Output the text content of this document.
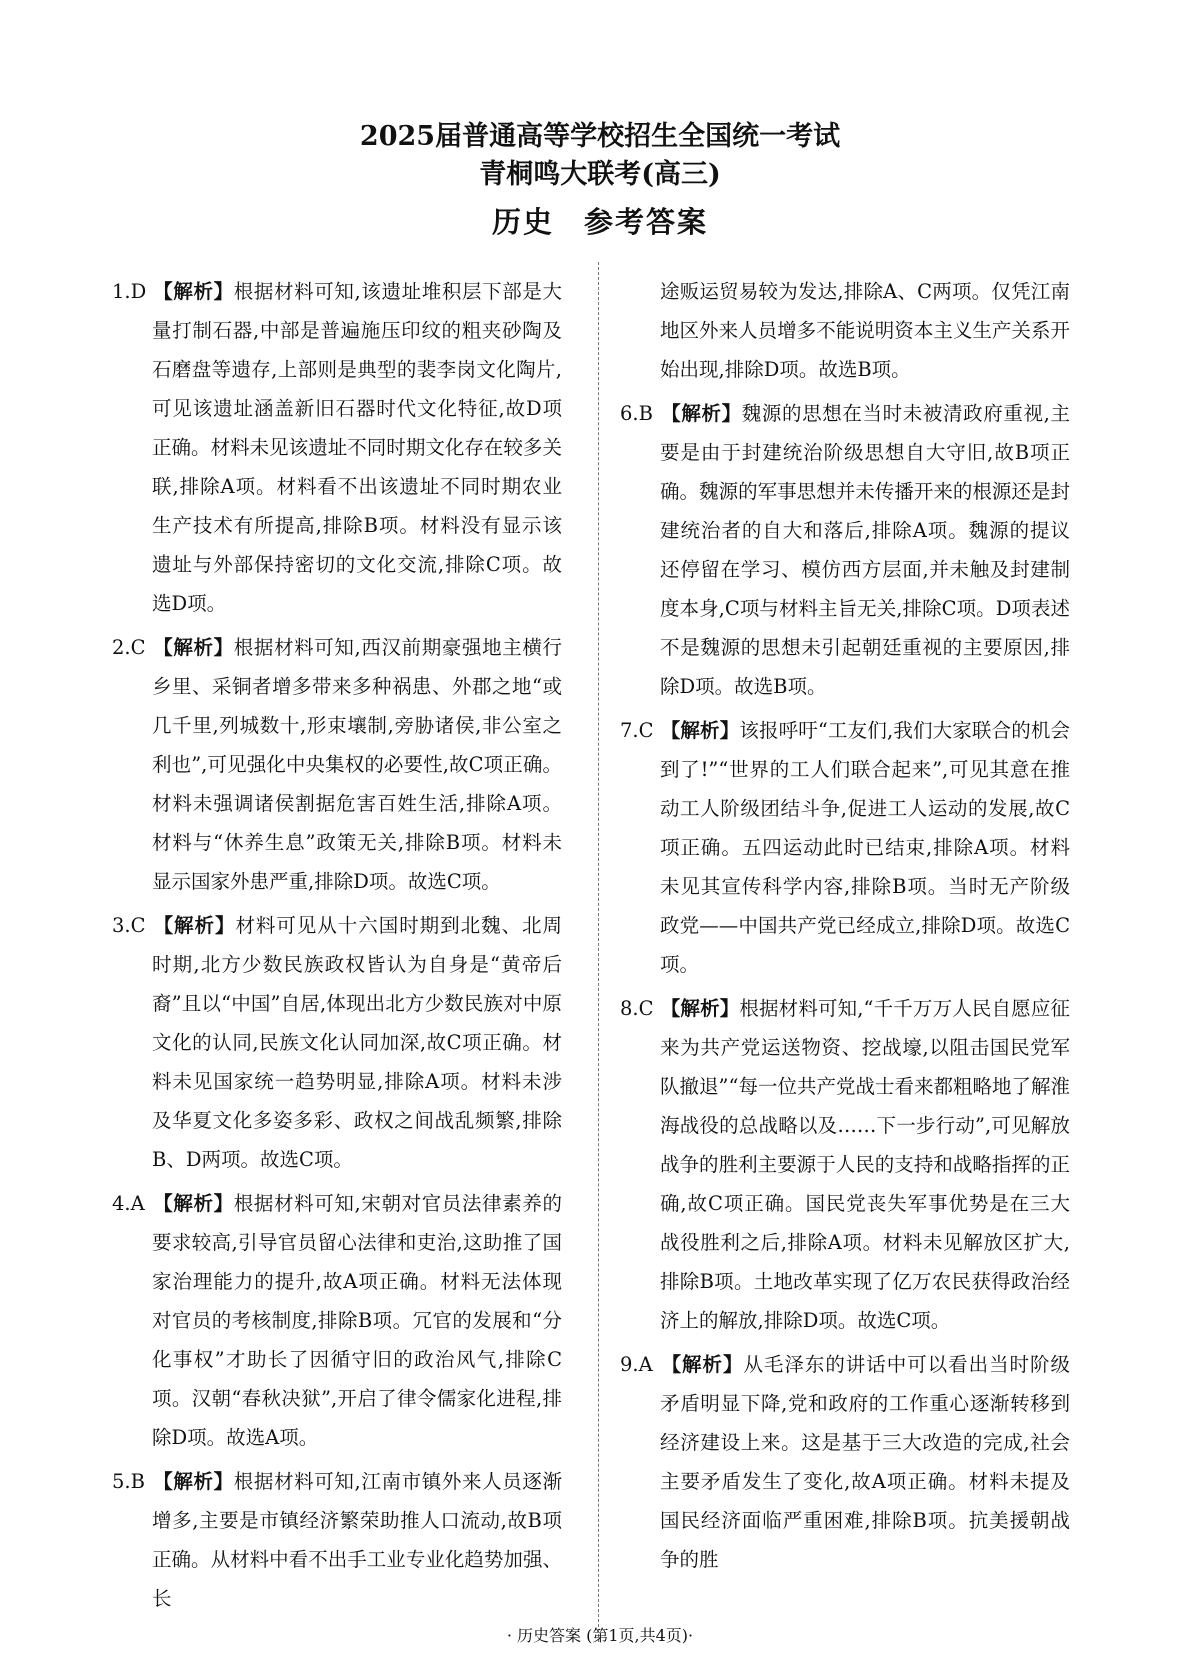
2025届普通高等学校招生全国统一考试

青桐鸣大联考(高三)

历史 参考答案

1.D 【解析】根据材料可知,该遗址堆积层下部是大量打制石器,中部是普遍施压印纹的粗夹砂陶及石磨盘等遗存,上部则是典型的裴李岗文化陶片,可见该遗址涵盖新旧石器时代文化特征,故D项正确。材料未见该遗址不同时期文化存在较多关联,排除A项。材料看不出该遗址不同时期农业生产技术有所提高,排除B项。材料没有显示该遗址与外部保持密切的文化交流,排除C项。故选D项。

2.C 【解析】根据材料可知,西汉前期豪强地主横行乡里、采铜者增多带来多种祸患、外郡之地“或几千里,列城数十,形束壤制,旁胁诸侯,非公室之利也”,可见强化中央集权的必要性,故C项正确。材料未强调诸侯割据危害百姓生活,排除A项。材料与“休养生息”政策无关,排除B项。材料未显示国家外患严重,排除D项。故选C项。

3.C 【解析】材料可见从十六国时期到北魏、北周时期,北方少数民族政权皆认为自身是“黄帝后裔”且以“中国”自居,体现出北方少数民族对中原文化的认同,民族文化认同加深,故C项正确。材料未见国家统一趋势明显,排除A项。材料未涉及华夏文化多姿多彩、政权之间战乱频繁,排除B、D两项。故选C项。

4.A 【解析】根据材料可知,宋朝对官员法律素养的要求较高,引导官员留心法律和吏治,这助推了国家治理能力的提升,故A项正确。材料无法体现对官员的考核制度,排除B项。冗官的发展和“分化事权”才助长了因循守旧的政治风气,排除C项。汉朝“春秋决狱”,开启了律令儒家化进程,排除D项。故选A项。

5.B 【解析】根据材料可知,江南市镇外来人员逐渐增多,主要是市镇经济繁荣助推人口流动,故B项正确。从材料中看不出手工业专业化趋势加强、长

途贩运贸易较为发达,排除A、C两项。仅凭江南地区外来人员增多不能说明资本主义生产关系开始出现,排除D项。故选B项。

6.B 【解析】魏源的思想在当时未被清政府重视,主要是由于封建统治阶级思想自大守旧,故B项正确。魏源的军事思想并未传播开来的根源还是封建统治者的自大和落后,排除A项。魏源的提议还停留在学习、模仿西方层面,并未触及封建制度本身,C项与材料主旨无关,排除C项。D项表述不是魏源的思想未引起朝廷重视的主要原因,排除D项。故选B项。

7.C 【解析】该报呼吁“工友们,我们大家联合的机会到了!”“世界的工人们联合起来”,可见其意在推动工人阶级团结斗争,促进工人运动的发展,故C项正确。五四运动此时已结束,排除A项。材料未见其宣传科学内容,排除B项。当时无产阶级政党——中国共产党已经成立,排除D项。故选C项。

8.C 【解析】根据材料可知,“千千万万人民自愿应征来为共产党运送物资、挖战壕,以阻击国民党军队撤退”“每一位共产党战士看来都粗略地了解淮海战役的总战略以及……下一步行动”,可见解放战争的胜利主要源于人民的支持和战略指挥的正确,故C项正确。国民党丧失军事优势是在三大战役胜利之后,排除A项。材料未见解放区扩大,排除B项。土地改革实现了亿万农民获得政治经济上的解放,排除D项。故选C项。

9.A 【解析】从毛泽东的讲话中可以看出当时阶级矛盾明显下降,党和政府的工作重心逐渐转移到经济建设上来。这是基于三大改造的完成,社会主要矛盾发生了变化,故A项正确。材料未提及国民经济面临严重困难,排除B项。抗美援朝战争的胜

· 历史答案 (第1页,共4页)·
